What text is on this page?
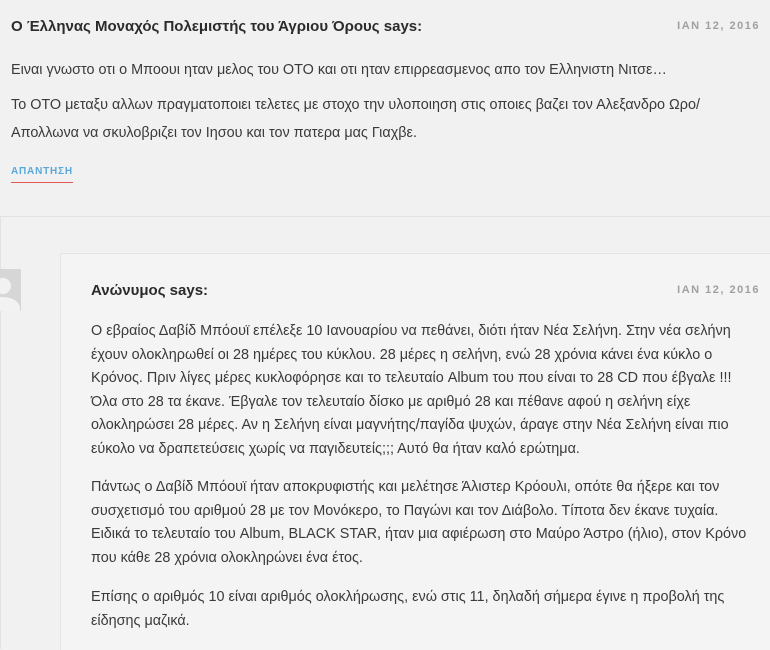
Ο Έλληνας Μοναχός Πολεμιστής του Άγριου Όρους says:	ΙΑΝ 12, 2016

Ειναι γνωστο οτι ο Μποουι ηταν μελος του ΟΤΟ και οτι ηταν επιρρεασμενος απο τον Ελληνιστη Νιτσε…

Το ΟΤΟ μεταξυ αλλων πραγματοποιει τελετες με στοχο την υλοποιηση στις οποιες βαζει τον Αλεξανδρο Ωρο/ Απολλωνα να σκυλοβριζει τον Ιησου και τον πατερα μας Γιαχβε.

ΑΠΑΝΤΗΣΗ
Ανώνυμος says:	ΙΑΝ 12, 2016

Ο εβραίος Δαβίδ Μπόουϊ επέλεξε 10 Ιανουαρίου να πεθάνει, διότι ήταν Νέα Σελήνη. Στην νέα σελήνη έχουν ολοκληρωθεί οι 28 ημέρες του κύκλου. 28 μέρες η σελήνη, ενώ 28 χρόνια κάνει ένα κύκλο ο Κρόνος. Πριν λίγες μέρες κυκλοφόρησε και το τελευταίο Album του που είναι το 28 CD που έβγαλε !!! Όλα στο 28 τα έκανε. Έβγαλε τον τελευταίο δίσκο με αριθμό 28 και πέθανε αφού η σελήνη είχε ολοκληρώσει 28 μέρες. Αν η Σελήνη είναι μαγνήτης/παγίδα ψυχών, άραγε στην Νέα Σελήνη είναι πιο εύκολο να δραπετεύσεις χωρίς να παγιδευτείς;;; Αυτό θα ήταν καλό ερώτημα.

Πάντως ο Δαβίδ Μπόουϊ ήταν αποκρυφιστής και μελέτησε Άλιστερ Κρόουλι, οπότε θα ήξερε και τον συσχετισμό του αριθμού 28 με τον Μονόκερο, το Παγώνι και τον Διάβολο. Τίποτα δεν έκανε τυχαία. Ειδικά το τελευταίο του Album, BLACK STAR, ήταν μια αφιέρωση στο Μαύρο Άστρο (ήλιο), στον Κρόνο που κάθε 28 χρόνια ολοκληρώνει ένα έτος.

Επίσης ο αριθμός 10 είναι αριθμός ολοκλήρωσης, ενώ στις 11, δηλαδή σήμερα έγινε η προβολή της είδησης μαζικά.
